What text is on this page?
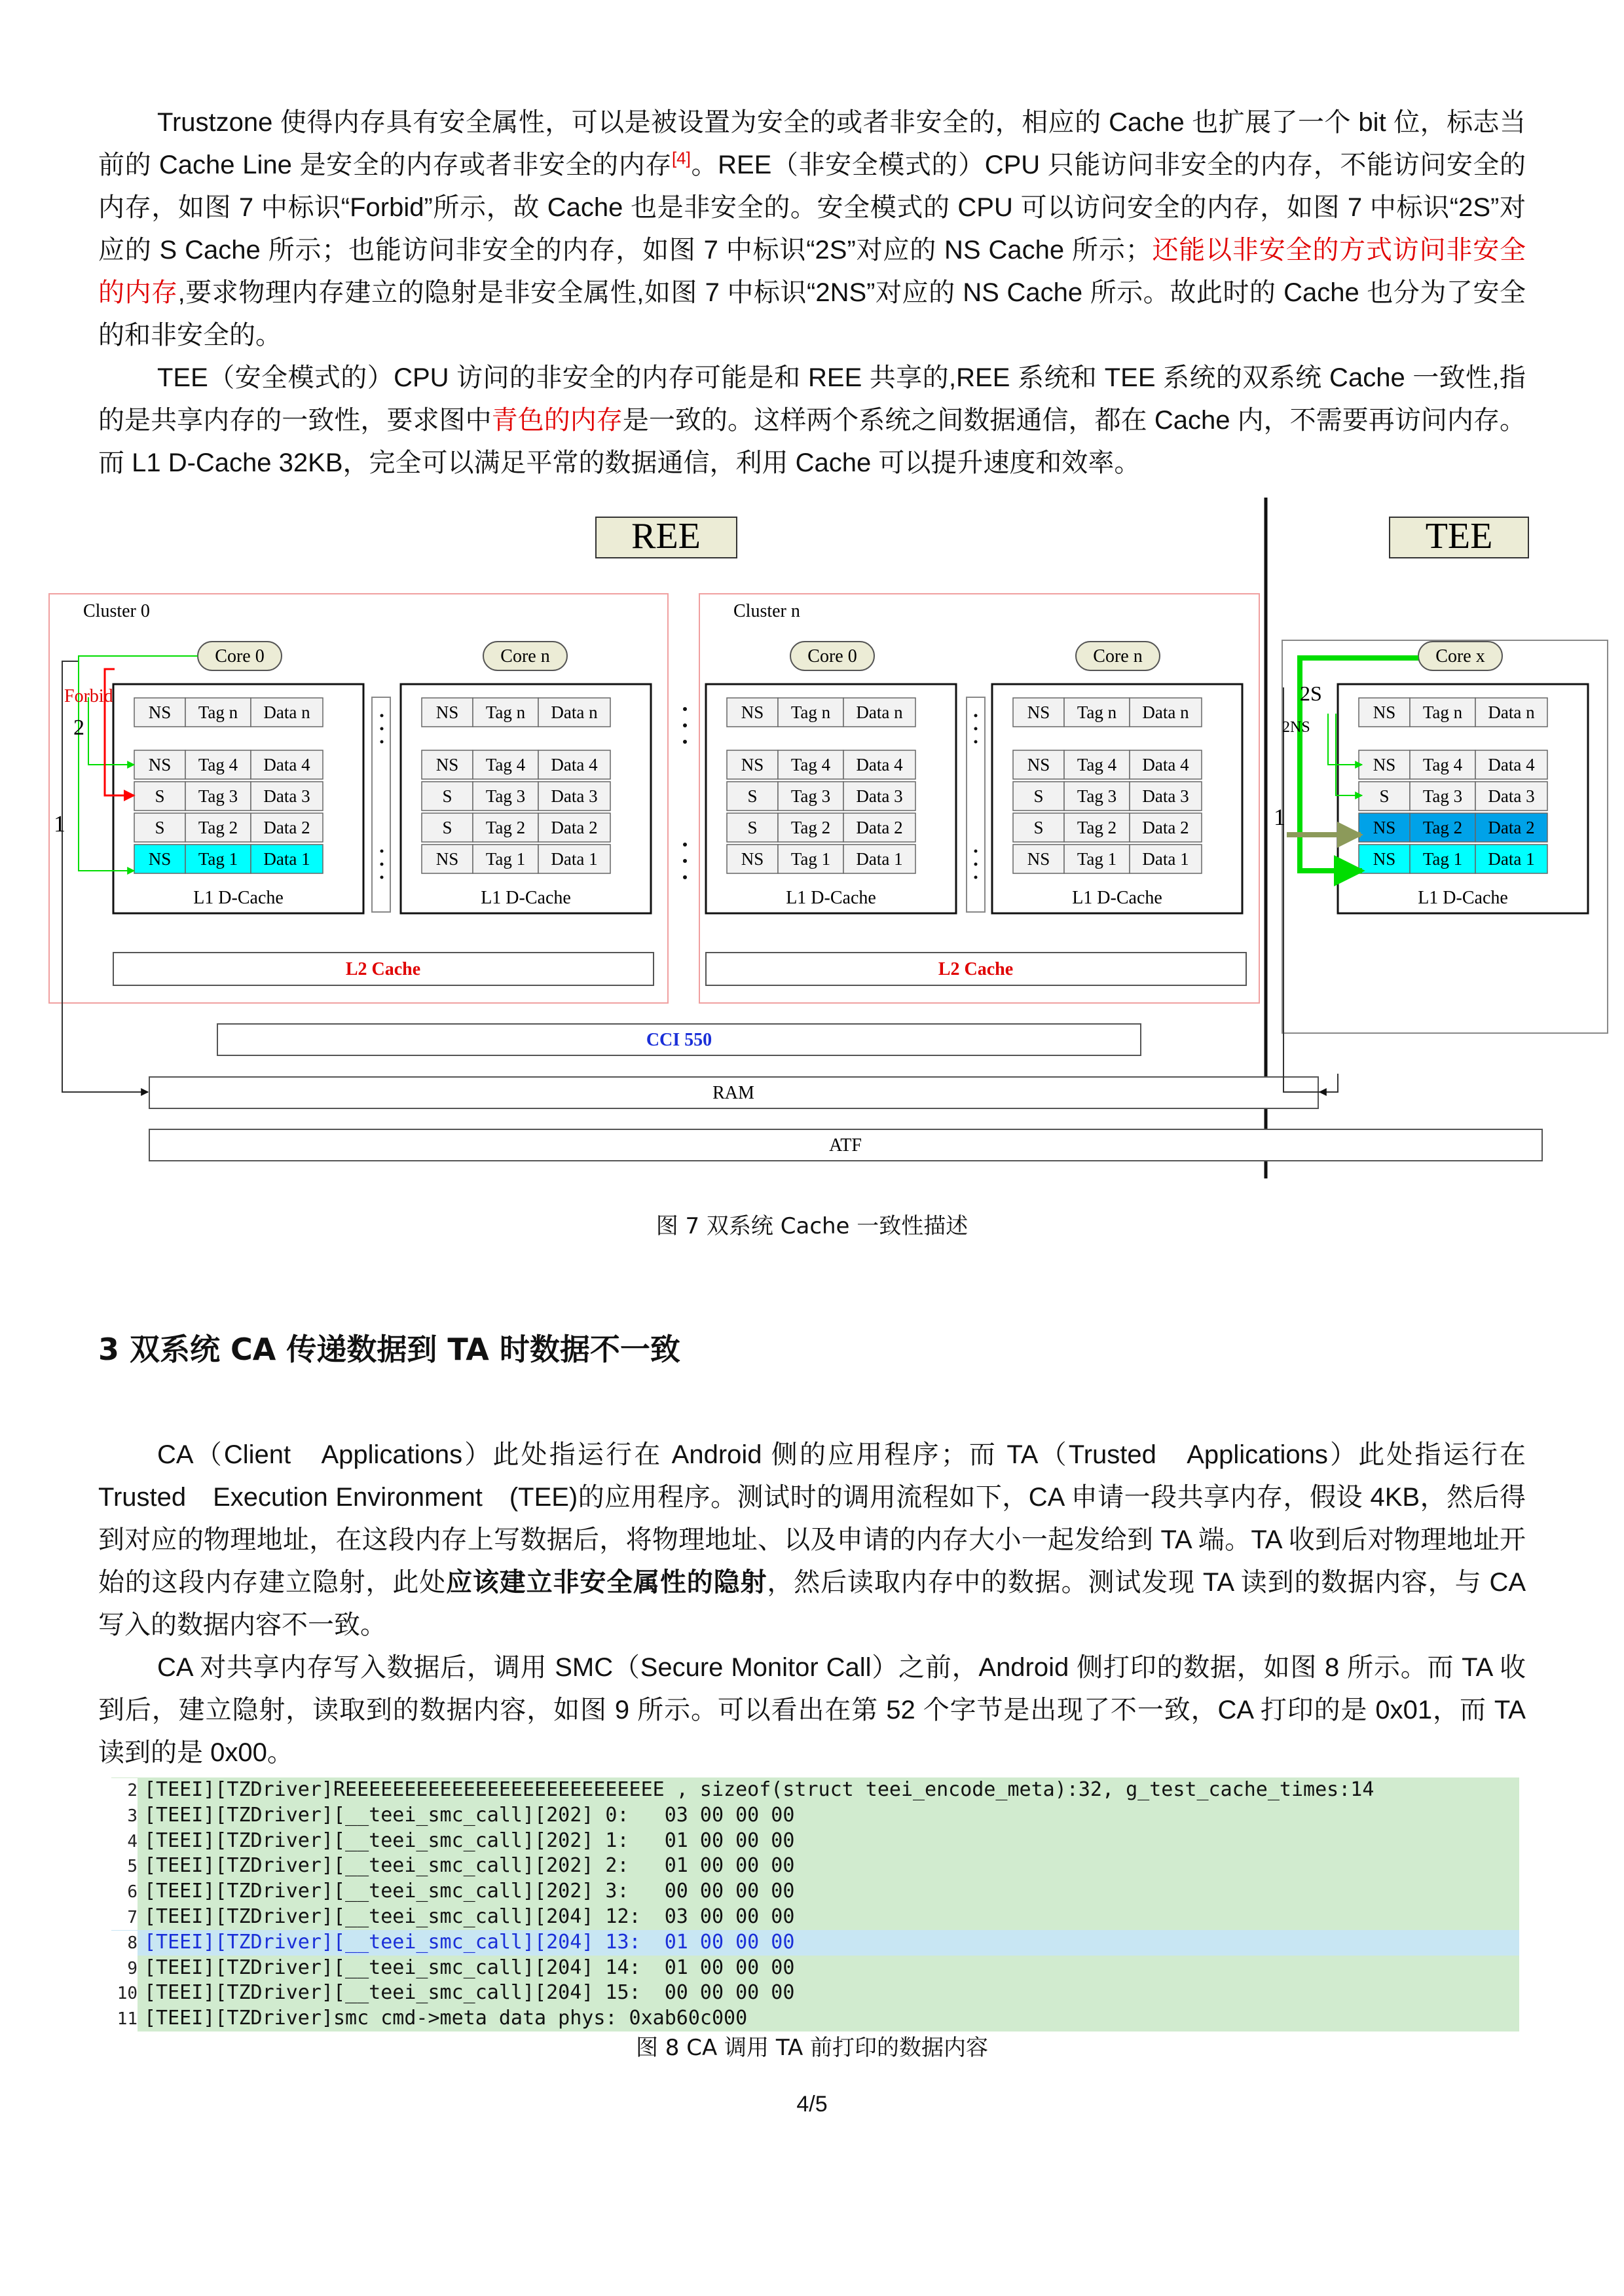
Trustzone 使得内存具有安全属性，可以是被设置为安全的或者非安全的，相应的 Cache 也扩展了一个 bit 位，标志当前的 Cache Line 是安全的内存或者非安全的内存[4]。REE（非安全模式的）CPU 只能访问非安全的内存，不能访问安全的内存，如图 7 中标识“Forbid”所示，故 Cache 也是非安全的。安全模式的 CPU 可以访问安全的内存，如图 7 中标识“2S”对应的 S Cache 所示；也能访问非安全的内存，如图 7 中标识“2S”对应的 NS Cache 所示；还能以非安全的方式访问非安全的内存,要求物理内存建立的隐射是非安全属性,如图 7 中标识“2NS”对应的 NS Cache 所示。故此时的 Cache 也分为了安全的和非安全的。

TEE（安全模式的）CPU 访问的非安全的内存可能是和 REE 共享的,REE 系统和 TEE 系统的双系统 Cache 一致性,指的是共享内存的一致性，要求图中青色的内存是一致的。这样两个系统之间数据通信，都在 Cache 内，不需要再访问内存。而 L1 D-Cache 32KB，完全可以满足平常的数据通信，利用 Cache 可以提升速度和效率。

REE	TEE
Cluster 0	Cluster n
Core 0	Core n	Core 0	Core n	Core x
NS Tag n Data n
NS Tag 4 Data 4
S Tag 3 Data 3
S Tag 2 Data 2
NS Tag 1 Data 1
L1 D-Cache
NS Tag n Data n
NS Tag 4 Data 4
S Tag 3 Data 3
S Tag 2 Data 2
NS Tag 1 Data 1
L1 D-Cache
NS Tag n Data n
NS Tag 4 Data 4
S Tag 3 Data 3
S Tag 2 Data 2
NS Tag 1 Data 1
L1 D-Cache
NS Tag n Data n
NS Tag 4 Data 4
S Tag 3 Data 3
S Tag 2 Data 2
NS Tag 1 Data 1
L1 D-Cache
NS Tag n Data n
NS Tag 4 Data 4
S Tag 3 Data 3
NS Tag 2 Data 2
NS Tag 1 Data 1
L1 D-Cache
L2 Cache	L2 Cache
CCI 550
RAM
ATF
1
Forbid
2
1
2S
2NS
图 7 双系统 Cache 一致性描述
3 双系统 CA 传递数据到 TA 时数据不一致

CA（Client　Applications）此处指运行在 Android 侧的应用程序；而 TA（Trusted　Applications）此处指运行在 Trusted　Execution Environment　(TEE)的应用程序。测试时的调用流程如下，CA 申请一段共享内存，假设 4KB，然后得到对应的物理地址，在这段内存上写数据后，将物理地址、以及申请的内存大小一起发给到 TA 端。TA 收到后对物理地址开始的这段内存建立隐射，此处应该建立非安全属性的隐射，然后读取内存中的数据。测试发现 TA 读到的数据内容，与 CA 写入的数据内容不一致。

CA 对共享内存写入数据后，调用 SMC（Secure Monitor Call）之前，Android 侧打印的数据，如图 8 所示。而 TA 收到后，建立隐射，读取到的数据内容，如图 9 所示。可以看出在第 52 个字节是出现了不一致，CA 打印的是 0x01，而 TA 读到的是 0x00。

2 [TEEI][TZDriver]REEEEEEEEEEEEEEEEEEEEEEEEEEE , sizeof(struct teei_encode_meta):32, g_test_cache_times:14
3 [TEEI][TZDriver][__teei_smc_call][202] 0:   03 00 00 00
4 [TEEI][TZDriver][__teei_smc_call][202] 1:   01 00 00 00
5 [TEEI][TZDriver][__teei_smc_call][202] 2:   01 00 00 00
6 [TEEI][TZDriver][__teei_smc_call][202] 3:   00 00 00 00
7 [TEEI][TZDriver][__teei_smc_call][204] 12:  03 00 00 00
8 [TEEI][TZDriver][__teei_smc_call][204] 13:  01 00 00 00
9 [TEEI][TZDriver][__teei_smc_call][204] 14:  01 00 00 00
10 [TEEI][TZDriver][__teei_smc_call][204] 15:  00 00 00 00
11 [TEEI][TZDriver]smc cmd->meta data phys: 0xab60c000
图 8 CA 调用 TA 前打印的数据内容
4/5
